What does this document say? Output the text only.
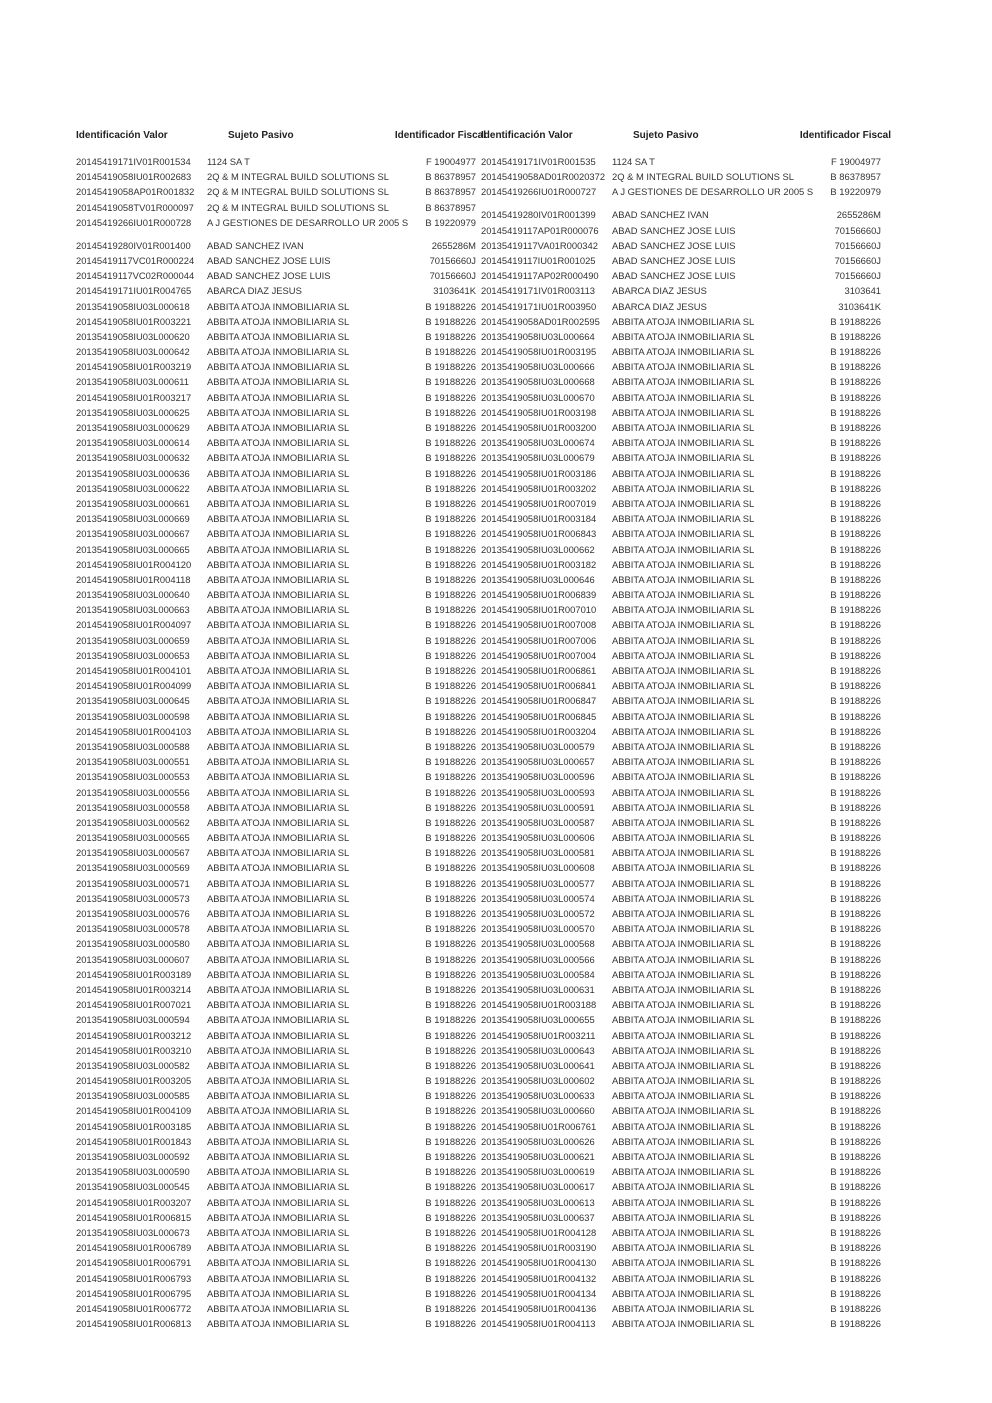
Identificación Valor	Sujeto Pasivo	Identificador Fiscal
20145419171IV01R001534 1124 SA T	F 19004977
20145419058IU01R002683 2Q & M INTEGRAL BUILD SOLUTIONS SL	B 86378957
20145419058AP01R001832 2Q & M INTEGRAL BUILD SOLUTIONS SL	B 86378957
20145419058TV01R000097 2Q & M INTEGRAL BUILD SOLUTIONS SL	B 86378957
20145419266IU01R000728 A J GESTIONES DE DESARROLLO UR 2005 S	B 19220979
20145419280IV01R001400 ABAD SANCHEZ IVAN	2655286M
20145419117VC01R000224 ABAD SANCHEZ JOSE LUIS	70156660J
20145419117VC02R000044 ABAD SANCHEZ JOSE LUIS	70156660J
20145419171IU01R004765 ABARCA DIAZ JESUS	3103641K
20135419058IU03L000618 ABBITA ATOJA INMOBILIARIA SL	B 19188226
20145419058IU01R003221 ABBITA ATOJA INMOBILIARIA SL	B 19188226
20135419058IU03L000620 ABBITA ATOJA INMOBILIARIA SL	B 19188226
20135419058IU03L000642 ABBITA ATOJA INMOBILIARIA SL	B 19188226
20145419058IU01R003219 ABBITA ATOJA INMOBILIARIA SL	B 19188226
20135419058IU03L000611 ABBITA ATOJA INMOBILIARIA SL	B 19188226
20145419058IU01R003217 ABBITA ATOJA INMOBILIARIA SL	B 19188226
20135419058IU03L000625 ABBITA ATOJA INMOBILIARIA SL	B 19188226
20135419058IU03L000629 ABBITA ATOJA INMOBILIARIA SL	B 19188226
20135419058IU03L000614 ABBITA ATOJA INMOBILIARIA SL	B 19188226
20135419058IU03L000632 ABBITA ATOJA INMOBILIARIA SL	B 19188226
20135419058IU03L000636 ABBITA ATOJA INMOBILIARIA SL	B 19188226
20135419058IU03L000622 ABBITA ATOJA INMOBILIARIA SL	B 19188226
20135419058IU03L000661 ABBITA ATOJA INMOBILIARIA SL	B 19188226
20135419058IU03L000669 ABBITA ATOJA INMOBILIARIA SL	B 19188226
20135419058IU03L000667 ABBITA ATOJA INMOBILIARIA SL	B 19188226
20135419058IU03L000665 ABBITA ATOJA INMOBILIARIA SL	B 19188226
20145419058IU01R004120 ABBITA ATOJA INMOBILIARIA SL	B 19188226
20145419058IU01R004118 ABBITA ATOJA INMOBILIARIA SL	B 19188226
20135419058IU03L000640 ABBITA ATOJA INMOBILIARIA SL	B 19188226
20135419058IU03L000663 ABBITA ATOJA INMOBILIARIA SL	B 19188226
20145419058IU01R004097 ABBITA ATOJA INMOBILIARIA SL	B 19188226
20135419058IU03L000659 ABBITA ATOJA INMOBILIARIA SL	B 19188226
20135419058IU03L000653 ABBITA ATOJA INMOBILIARIA SL	B 19188226
20145419058IU01R004101 ABBITA ATOJA INMOBILIARIA SL	B 19188226
20145419058IU01R004099 ABBITA ATOJA INMOBILIARIA SL	B 19188226
20135419058IU03L000645 ABBITA ATOJA INMOBILIARIA SL	B 19188226
20135419058IU03L000598 ABBITA ATOJA INMOBILIARIA SL	B 19188226
20145419058IU01R004103 ABBITA ATOJA INMOBILIARIA SL	B 19188226
20135419058IU03L000588 ABBITA ATOJA INMOBILIARIA SL	B 19188226
20135419058IU03L000551 ABBITA ATOJA INMOBILIARIA SL	B 19188226
20135419058IU03L000553 ABBITA ATOJA INMOBILIARIA SL	B 19188226
20135419058IU03L000556 ABBITA ATOJA INMOBILIARIA SL	B 19188226
20135419058IU03L000558 ABBITA ATOJA INMOBILIARIA SL	B 19188226
20135419058IU03L000562 ABBITA ATOJA INMOBILIARIA SL	B 19188226
20135419058IU03L000565 ABBITA ATOJA INMOBILIARIA SL	B 19188226
20135419058IU03L000567 ABBITA ATOJA INMOBILIARIA SL	B 19188226
20135419058IU03L000569 ABBITA ATOJA INMOBILIARIA SL	B 19188226
20135419058IU03L000571 ABBITA ATOJA INMOBILIARIA SL	B 19188226
20135419058IU03L000573 ABBITA ATOJA INMOBILIARIA SL	B 19188226
20135419058IU03L000576 ABBITA ATOJA INMOBILIARIA SL	B 19188226
20135419058IU03L000578 ABBITA ATOJA INMOBILIARIA SL	B 19188226
20135419058IU03L000580 ABBITA ATOJA INMOBILIARIA SL	B 19188226
20135419058IU03L000607 ABBITA ATOJA INMOBILIARIA SL	B 19188226
20145419058IU01R003189 ABBITA ATOJA INMOBILIARIA SL	B 19188226
20145419058IU01R003214 ABBITA ATOJA INMOBILIARIA SL	B 19188226
20145419058IU01R007021 ABBITA ATOJA INMOBILIARIA SL	B 19188226
20135419058IU03L000594 ABBITA ATOJA INMOBILIARIA SL	B 19188226
20145419058IU01R003212 ABBITA ATOJA INMOBILIARIA SL	B 19188226
20145419058IU01R003210 ABBITA ATOJA INMOBILIARIA SL	B 19188226
20135419058IU03L000582 ABBITA ATOJA INMOBILIARIA SL	B 19188226
20145419058IU01R003205 ABBITA ATOJA INMOBILIARIA SL	B 19188226
20135419058IU03L000585 ABBITA ATOJA INMOBILIARIA SL	B 19188226
20145419058IU01R004109 ABBITA ATOJA INMOBILIARIA SL	B 19188226
20145419058IU01R003185 ABBITA ATOJA INMOBILIARIA SL	B 19188226
20145419058IU01R001843 ABBITA ATOJA INMOBILIARIA SL	B 19188226
20135419058IU03L000592 ABBITA ATOJA INMOBILIARIA SL	B 19188226
20135419058IU03L000590 ABBITA ATOJA INMOBILIARIA SL	B 19188226
20135419058IU03L000545 ABBITA ATOJA INMOBILIARIA SL	B 19188226
20145419058IU01R003207 ABBITA ATOJA INMOBILIARIA SL	B 19188226
20145419058IU01R006815 ABBITA ATOJA INMOBILIARIA SL	B 19188226
20135419058IU03L000673 ABBITA ATOJA INMOBILIARIA SL	B 19188226
20145419058IU01R006789 ABBITA ATOJA INMOBILIARIA SL	B 19188226
20145419058IU01R006791 ABBITA ATOJA INMOBILIARIA SL	B 19188226
20145419058IU01R006793 ABBITA ATOJA INMOBILIARIA SL	B 19188226
20145419058IU01R006795 ABBITA ATOJA INMOBILIARIA SL	B 19188226
20145419058IU01R006772 ABBITA ATOJA INMOBILIARIA SL	B 19188226
20145419058IU01R006813 ABBITA ATOJA INMOBILIARIA SL	B 19188226
Identificación Valor	Sujeto Pasivo	Identificador Fiscal
20145419171IV01R001535 1124 SA T	F 19004977
20145419058AD01R0020372 2Q & M INTEGRAL BUILD SOLUTIONS SL	B 86378957
20145419266IU01R000727 A J GESTIONES DE DESARROLLO UR 2005 S	B 19220979
20145419280IV01R001399 ABAD SANCHEZ IVAN	2655286M
20145419117AP01R000076 ABAD SANCHEZ JOSE LUIS	70156660J
20135419117VA01R000342 ABAD SANCHEZ JOSE LUIS	70156660J
20145419117IU01R001025 ABAD SANCHEZ JOSE LUIS	70156660J
20145419117AP02R000490 ABAD SANCHEZ JOSE LUIS	70156660J
20145419171IV01R003113 ABARCA DIAZ JESUS	3103641
20145419171IU01R003950 ABARCA DIAZ JESUS	3103641K
20145419058AD01R002595 ABBITA ATOJA INMOBILIARIA SL	B 19188226
20135419058IU03L000664 ABBITA ATOJA INMOBILIARIA SL	B 19188226
20145419058IU01R003195 ABBITA ATOJA INMOBILIARIA SL	B 19188226
20135419058IU03L000666 ABBITA ATOJA INMOBILIARIA SL	B 19188226
20135419058IU03L000668 ABBITA ATOJA INMOBILIARIA SL	B 19188226
20135419058IU03L000670 ABBITA ATOJA INMOBILIARIA SL	B 19188226
20145419058IU01R003198 ABBITA ATOJA INMOBILIARIA SL	B 19188226
20145419058IU01R003200 ABBITA ATOJA INMOBILIARIA SL	B 19188226
20135419058IU03L000674 ABBITA ATOJA INMOBILIARIA SL	B 19188226
20135419058IU03L000679 ABBITA ATOJA INMOBILIARIA SL	B 19188226
20145419058IU01R003186 ABBITA ATOJA INMOBILIARIA SL	B 19188226
20145419058IU01R003202 ABBITA ATOJA INMOBILIARIA SL	B 19188226
20145419058IU01R007019 ABBITA ATOJA INMOBILIARIA SL	B 19188226
20145419058IU01R003184 ABBITA ATOJA INMOBILIARIA SL	B 19188226
20145419058IU01R006843 ABBITA ATOJA INMOBILIARIA SL	B 19188226
20135419058IU03L000662 ABBITA ATOJA INMOBILIARIA SL	B 19188226
20145419058IU01R003182 ABBITA ATOJA INMOBILIARIA SL	B 19188226
20135419058IU03L000646 ABBITA ATOJA INMOBILIARIA SL	B 19188226
20145419058IU01R006839 ABBITA ATOJA INMOBILIARIA SL	B 19188226
20145419058IU01R007010 ABBITA ATOJA INMOBILIARIA SL	B 19188226
20145419058IU01R007008 ABBITA ATOJA INMOBILIARIA SL	B 19188226
20145419058IU01R007006 ABBITA ATOJA INMOBILIARIA SL	B 19188226
20145419058IU01R007004 ABBITA ATOJA INMOBILIARIA SL	B 19188226
20145419058IU01R006861 ABBITA ATOJA INMOBILIARIA SL	B 19188226
20145419058IU01R006841 ABBITA ATOJA INMOBILIARIA SL	B 19188226
20145419058IU01R006847 ABBITA ATOJA INMOBILIARIA SL	B 19188226
20145419058IU01R006845 ABBITA ATOJA INMOBILIARIA SL	B 19188226
20145419058IU01R003204 ABBITA ATOJA INMOBILIARIA SL	B 19188226
20135419058IU03L000579 ABBITA ATOJA INMOBILIARIA SL	B 19188226
20135419058IU03L000657 ABBITA ATOJA INMOBILIARIA SL	B 19188226
20135419058IU03L000596 ABBITA ATOJA INMOBILIARIA SL	B 19188226
20135419058IU03L000593 ABBITA ATOJA INMOBILIARIA SL	B 19188226
20135419058IU03L000591 ABBITA ATOJA INMOBILIARIA SL	B 19188226
20135419058IU03L000587 ABBITA ATOJA INMOBILIARIA SL	B 19188226
20135419058IU03L000606 ABBITA ATOJA INMOBILIARIA SL	B 19188226
20135419058IU03L000581 ABBITA ATOJA INMOBILIARIA SL	B 19188226
20135419058IU03L000608 ABBITA ATOJA INMOBILIARIA SL	B 19188226
20135419058IU03L000577 ABBITA ATOJA INMOBILIARIA SL	B 19188226
20135419058IU03L000574 ABBITA ATOJA INMOBILIARIA SL	B 19188226
20135419058IU03L000572 ABBITA ATOJA INMOBILIARIA SL	B 19188226
20135419058IU03L000570 ABBITA ATOJA INMOBILIARIA SL	B 19188226
20135419058IU03L000568 ABBITA ATOJA INMOBILIARIA SL	B 19188226
20135419058IU03L000566 ABBITA ATOJA INMOBILIARIA SL	B 19188226
20135419058IU03L000584 ABBITA ATOJA INMOBILIARIA SL	B 19188226
20135419058IU03L000631 ABBITA ATOJA INMOBILIARIA SL	B 19188226
20145419058IU01R003188 ABBITA ATOJA INMOBILIARIA SL	B 19188226
20135419058IU03L000655 ABBITA ATOJA INMOBILIARIA SL	B 19188226
20145419058IU01R003211 ABBITA ATOJA INMOBILIARIA SL	B 19188226
20135419058IU03L000643 ABBITA ATOJA INMOBILIARIA SL	B 19188226
20135419058IU03L000641 ABBITA ATOJA INMOBILIARIA SL	B 19188226
20135419058IU03L000602 ABBITA ATOJA INMOBILIARIA SL	B 19188226
20135419058IU03L000633 ABBITA ATOJA INMOBILIARIA SL	B 19188226
20135419058IU03L000660 ABBITA ATOJA INMOBILIARIA SL	B 19188226
20145419058IU01R006761 ABBITA ATOJA INMOBILIARIA SL	B 19188226
20135419058IU03L000626 ABBITA ATOJA INMOBILIARIA SL	B 19188226
20135419058IU03L000621 ABBITA ATOJA INMOBILIARIA SL	B 19188226
20135419058IU03L000619 ABBITA ATOJA INMOBILIARIA SL	B 19188226
20135419058IU03L000617 ABBITA ATOJA INMOBILIARIA SL	B 19188226
20135419058IU03L000613 ABBITA ATOJA INMOBILIARIA SL	B 19188226
20135419058IU03L000637 ABBITA ATOJA INMOBILIARIA SL	B 19188226
20145419058IU01R004128 ABBITA ATOJA INMOBILIARIA SL	B 19188226
20145419058IU01R003190 ABBITA ATOJA INMOBILIARIA SL	B 19188226
20145419058IU01R004130 ABBITA ATOJA INMOBILIARIA SL	B 19188226
20145419058IU01R004132 ABBITA ATOJA INMOBILIARIA SL	B 19188226
20145419058IU01R004134 ABBITA ATOJA INMOBILIARIA SL	B 19188226
20145419058IU01R004136 ABBITA ATOJA INMOBILIARIA SL	B 19188226
20145419058IU01R004113 ABBITA ATOJA INMOBILIARIA SL	B 19188226
